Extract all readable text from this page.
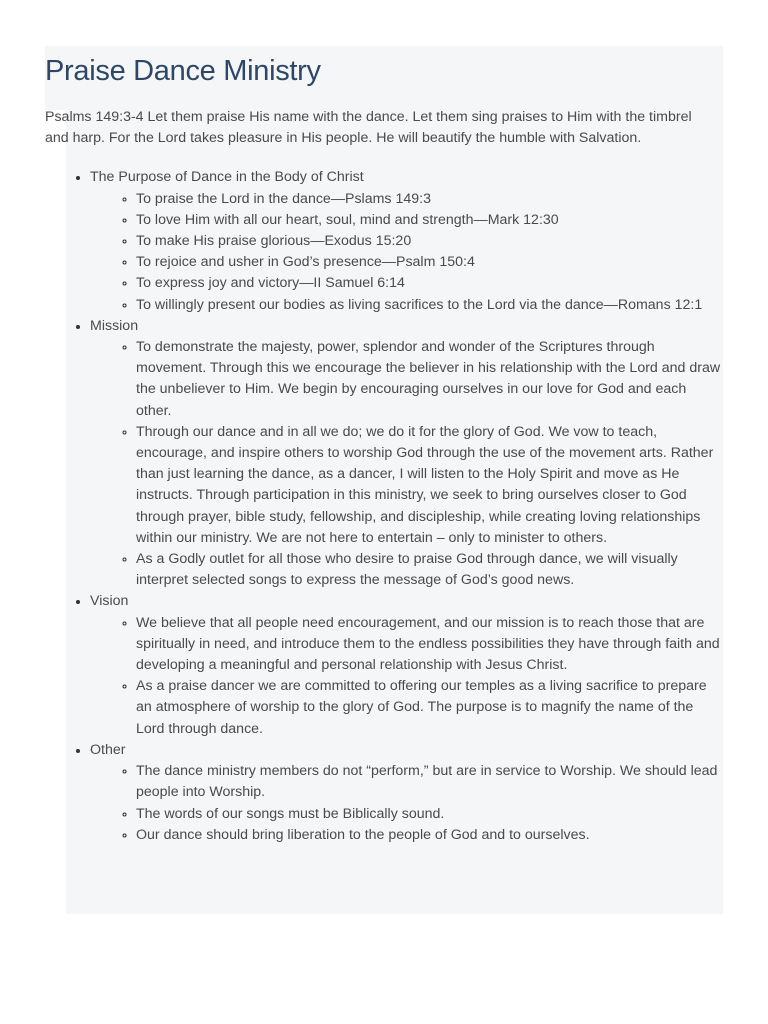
Praise Dance Ministry

Psalms 149:3-4 Let them praise His name with the dance. Let them sing praises to Him with the timbrel and harp. For the Lord takes pleasure in His people. He will beautify the humble with Salvation.

• The Purpose of Dance in the Body of Christ
◦ To praise the Lord in the dance—Pslams 149:3
◦ To love Him with all our heart, soul, mind and strength—Mark 12:30
◦ To make His praise glorious—Exodus 15:20
◦ To rejoice and usher in God’s presence—Psalm 150:4
◦ To express joy and victory—II Samuel 6:14
◦ To willingly present our bodies as living sacrifices to the Lord via the dance—Romans 12:1
• Mission
◦ To demonstrate the majesty, power, splendor and wonder of the Scriptures through movement. Through this we encourage the believer in his relationship with the Lord and draw the unbeliever to Him. We begin by encouraging ourselves in our love for God and each other.
◦ Through our dance and in all we do; we do it for the glory of God. We vow to teach, encourage, and inspire others to worship God through the use of the movement arts. Rather than just learning the dance, as a dancer, I will listen to the Holy Spirit and move as He instructs. Through participation in this ministry, we seek to bring ourselves closer to God through prayer, bible study, fellowship, and discipleship, while creating loving relationships within our ministry. We are not here to entertain – only to minister to others.
◦ As a Godly outlet for all those who desire to praise God through dance, we will visually interpret selected songs to express the message of God’s good news.
• Vision
◦ We believe that all people need encouragement, and our mission is to reach those that are spiritually in need, and introduce them to the endless possibilities they have through faith and developing a meaningful and personal relationship with Jesus Christ.
◦ As a praise dancer we are committed to offering our temples as a living sacrifice to prepare an atmosphere of worship to the glory of God. The purpose is to magnify the name of the Lord through dance.
• Other
◦ The dance ministry members do not “perform,” but are in service to Worship. We should lead people into Worship.
◦ The words of our songs must be Biblically sound.
◦ Our dance should bring liberation to the people of God and to ourselves.
